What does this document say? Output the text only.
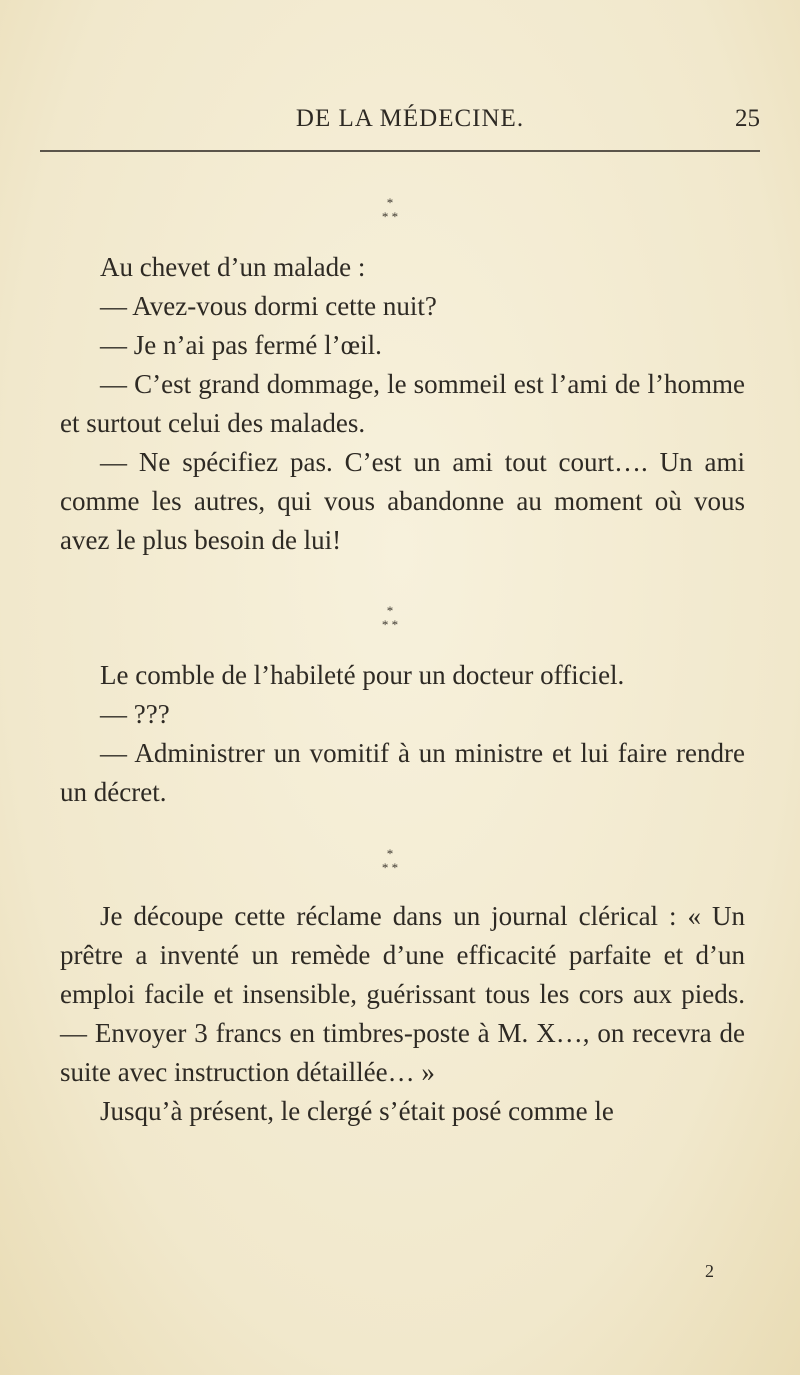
DE LA MÉDECINE.	25
*
* *

Au chevet d’un malade :

— Avez-vous dormi cette nuit?

— Je n’ai pas fermé l’œil.

— C’est grand dommage, le sommeil est l’ami de l’homme et surtout celui des malades.

— Ne spécifiez pas. C’est un ami tout court…. Un ami comme les autres, qui vous abandonne au moment où vous avez le plus besoin de lui!

*
* *

Le comble de l’habileté pour un docteur officiel.

— ???

— Administrer un vomitif à un ministre et lui faire rendre un décret.

*
* *

Je découpe cette réclame dans un journal clérical : « Un prêtre a inventé un remède d’une efficacité parfaite et d’un emploi facile et insensible, guérissant tous les cors aux pieds. — Envoyer 3 francs en timbres-poste à M. X…, on recevra de suite avec instruction détaillée… »

Jusqu’à présent, le clergé s’était posé comme le

2
